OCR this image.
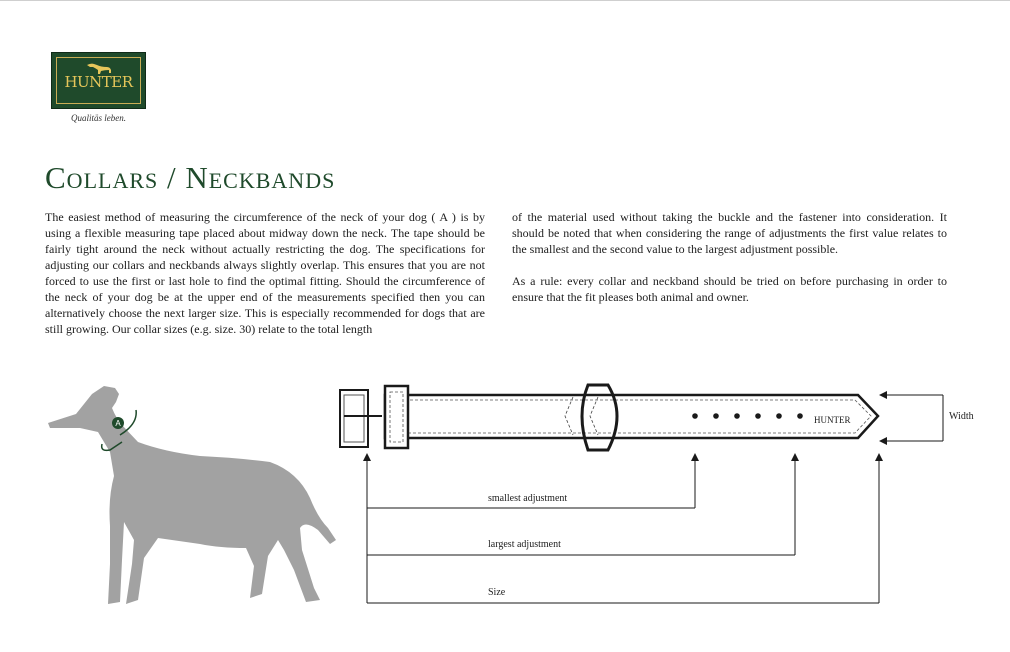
HUNTER
Qualitäs leben.
Collars / Neckbands

The easiest method of measuring the circumference of the neck of your dog ( A ) is by using a flexible measuring tape placed about midway down the neck. The tape should be fairly tight around the neck without actually restricting the dog. The specifications for adjusting our collars and neckbands always slightly overlap. This ensures that you are not forced to use the first or last hole to find the optimal fitting. Should the circumference of the neck of your dog be at the upper end of the measurements specified then you can alternatively choose the next larger size. This is especially recommended for dogs that are still growing. Our collar sizes (e.g. size. 30) relate to the total length

of the material used without taking the buckle and the fastener into consideration. It should be noted that when considering the range of adjustments the first value relates to the smallest and the second value to the largest adjustment possible.

As a rule: every collar and neckband should be tried on before purchasing in order to ensure that the fit pleases both animal and owner.

A	HUNTER	Width
smallest adjustment
largest adjustment
Size
